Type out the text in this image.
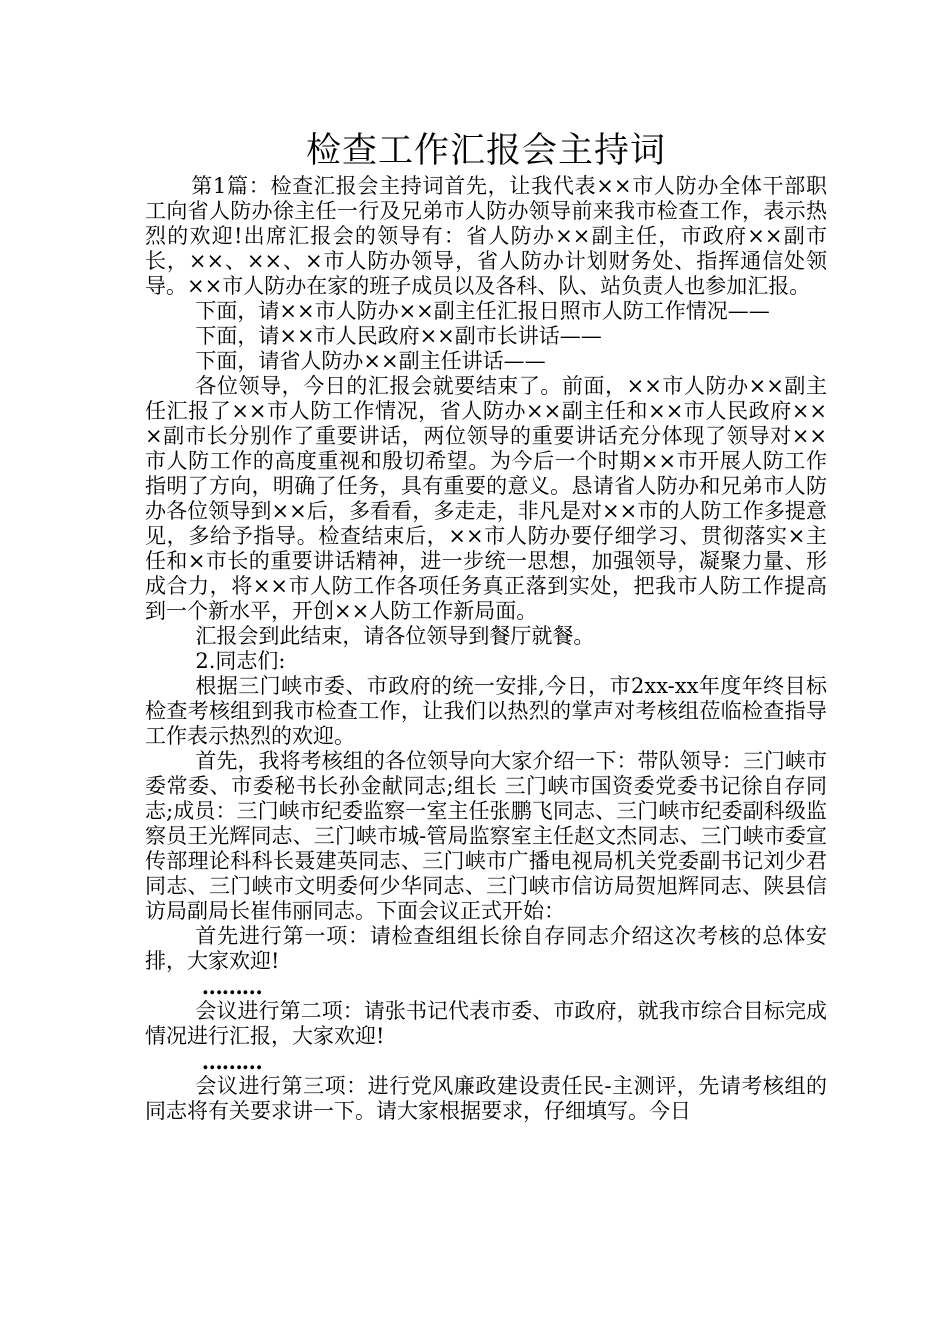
检查工作汇报会主持词

第1篇：检查汇报会主持词首先，让我代表××市人防办全体干部职工向省人防办徐主任一行及兄弟市人防办领导前来我市检查工作，表示热烈的欢迎!出席汇报会的领导有：省人防办××副主任，市政府××副市长，××、××、×市人防办领导，省人防办计划财务处、指挥通信处领导。××市人防办在家的班子成员以及各科、队、站负责人也参加汇报。

下面，请××市人防办××副主任汇报日照市人防工作情况——

下面，请××市人民政府××副市长讲话——

下面，请省人防办××副主任讲话——

各位领导，今日的汇报会就要结束了。前面，××市人防办××副主任汇报了××市人防工作情况，省人防办××副主任和××市人民政府×××副市长分别作了重要讲话，两位领导的重要讲话充分体现了领导对××市人防工作的高度重视和殷切希望。为今后一个时期××市开展人防工作指明了方向，明确了任务，具有重要的意义。恳请省人防办和兄弟市人防办各位领导到××后，多看看，多走走，非凡是对××市的人防工作多提意见，多给予指导。检查结束后，××市人防办要仔细学习、贯彻落实×主任和×市长的重要讲话精神，进一步统一思想，加强领导，凝聚力量、形成合力，将××市人防工作各项任务真正落到实处，把我市人防工作提高到一个新水平，开创××人防工作新局面。

汇报会到此结束，请各位领导到餐厅就餐。

2.同志们:

根据三门峡市委、市政府的统一安排,今日，市2xx-xx年度年终目标检查考核组到我市检查工作，让我们以热烈的掌声对考核组莅临检查指导工作表示热烈的欢迎。

首先，我将考核组的各位领导向大家介绍一下：带队领导：三门峡市委常委、市委秘书长孙金献同志;组长 三门峡市国资委党委书记徐自存同志;成员：三门峡市纪委监察一室主任张鹏飞同志、三门峡市纪委副科级监察员王光辉同志、三门峡市城-管局监察室主任赵文杰同志、三门峡市委宣传部理论科科长聂建英同志、三门峡市广播电视局机关党委副书记刘少君同志、三门峡市文明委何少华同志、三门峡市信访局贺旭辉同志、陕县信访局副局长崔伟丽同志。下面会议正式开始：

首先进行第一项：请检查组组长徐自存同志介绍这次考核的总体安排，大家欢迎!

………

会议进行第二项：请张书记代表市委、市政府，就我市综合目标完成情况进行汇报，大家欢迎!

………

会议进行第三项：进行党风廉政建设责任民-主测评，先请考核组的同志将有关要求讲一下。请大家根据要求，仔细填写。今日
